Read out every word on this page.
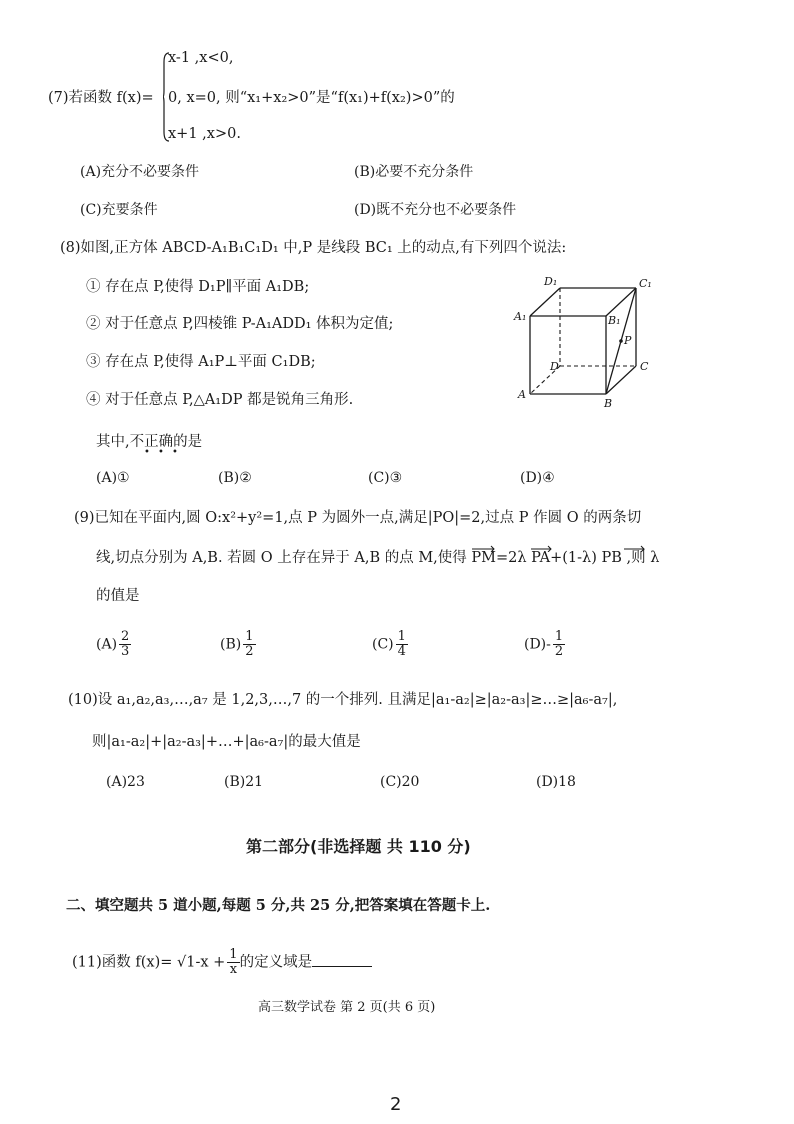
x-1 ,x<0,
(7)若函数 f(x)= 0, x=0, 则“x₁+x₂>0”是“f(x₁)+f(x₂)>0”的
x+1 ,x>0.
(A)充分不必要条件	(B)必要不充分条件
(C)充要条件	(D)既不充分也不必要条件
(8)如图,正方体 ABCD-A₁B₁C₁D₁ 中,P 是线段 BC₁ 上的动点,有下列四个说法:
① 存在点 P,使得 D₁P∥平面 A₁DB;
② 对于任意点 P,四棱锥 P-A₁ADD₁ 体积为定值;
③ 存在点 P,使得 A₁P⊥平面 C₁DB;
④ 对于任意点 P,△A₁DP 都是锐角三角形.
其中,不正确的是
• • •
(A)①	(B)②	(C)③	(D)④
D₁	C₁
A₁	B₁
P
D	C
A
B
(9)已知在平面内,圆 O:x²+y²=1,点 P 为圆外一点,满足|PO|=2,过点 P 作圆 O 的两条切
线,切点分别为 A,B. 若圆 O 上存在异于 A,B 的点 M,使得 PM=2λ PA+(1-λ) PB ,则 λ
的值是
$(A) \frac{2}{3}$	$(B) \frac{1}{2}$	$(C) \frac{1}{4}$	$(D)- \frac{1}{2}$
(10)设 a₁,a₂,a₃,…,a₇ 是 1,2,3,…,7 的一个排列. 且满足|a₁-a₂|≥|a₂-a₃|≥…≥|a₆-a₇|,
则|a₁-a₂|+|a₂-a₃|+…+|a₆-a₇|的最大值是
(A)23	(B)21	(C)20	(D)18
第二部分(非选择题 共 110 分)
二、填空题共 5 道小题,每题 5 分,共 25 分,把答案填在答题卡上.
(11)函数 $f(x)= √1-x + \frac{1}{x}$ 的定义域是
高三数学试卷 第 2 页(共 6 页)
2
